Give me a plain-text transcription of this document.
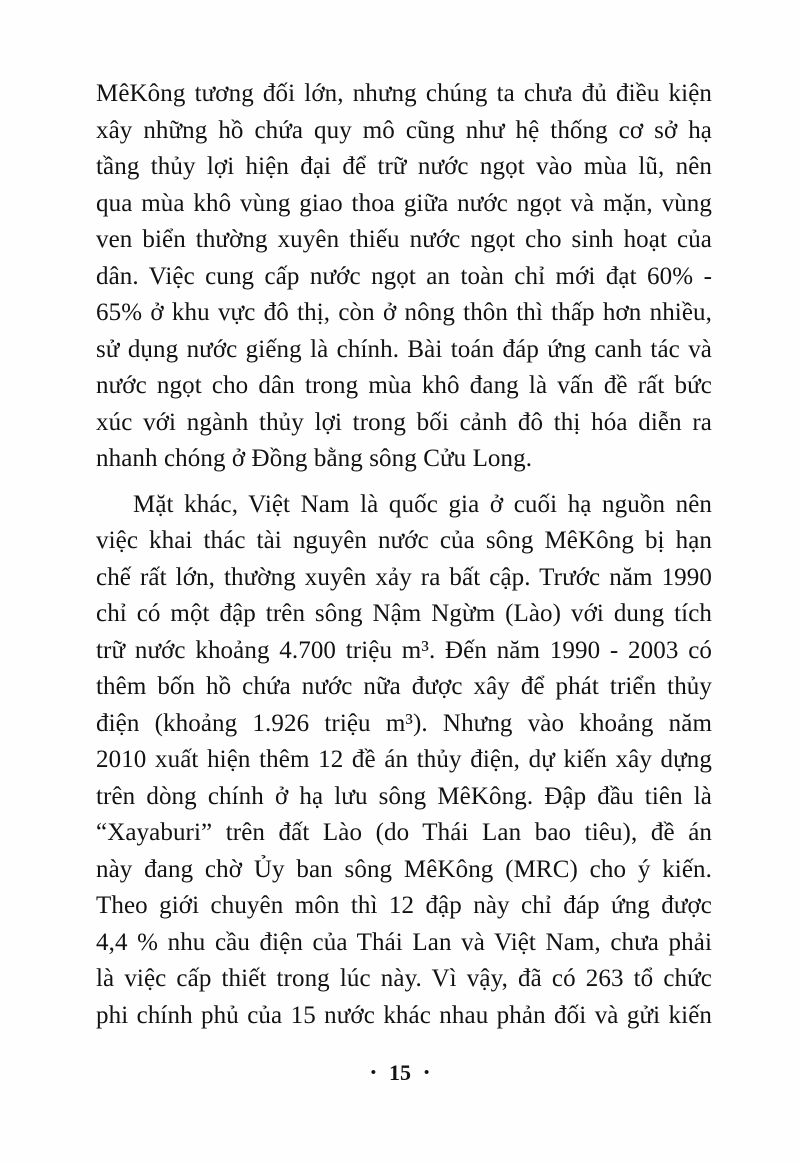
MêKông tương đối lớn, nhưng chúng ta chưa đủ điều kiện
xây những hồ chứa quy mô cũng như hệ thống cơ sở hạ
tầng thủy lợi hiện đại để trữ nước ngọt vào mùa lũ, nên
qua mùa khô vùng giao thoa giữa nước ngọt và mặn, vùng
ven biển thường xuyên thiếu nước ngọt cho sinh hoạt của
dân. Việc cung cấp nước ngọt an toàn chỉ mới đạt 60% -
65% ở khu vực đô thị, còn ở nông thôn thì thấp hơn nhiều,
sử dụng nước giếng là chính. Bài toán đáp ứng canh tác và
nước ngọt cho dân trong mùa khô đang là vấn đề rất bức
xúc với ngành thủy lợi trong bối cảnh đô thị hóa diễn ra
nhanh chóng ở Đồng bằng sông Cửu Long.
Mặt khác, Việt Nam là quốc gia ở cuối hạ nguồn nên
việc khai thác tài nguyên nước của sông MêKông bị hạn
chế rất lớn, thường xuyên xảy ra bất cập. Trước năm 1990
chỉ có một đập trên sông Nậm Ngừm (Lào) với dung tích
trữ nước khoảng 4.700 triệu m³. Đến năm 1990 - 2003 có
thêm bốn hồ chứa nước nữa được xây để phát triển thủy
điện (khoảng 1.926 triệu m³). Nhưng vào khoảng năm
2010 xuất hiện thêm 12 đề án thủy điện, dự kiến xây dựng
trên dòng chính ở hạ lưu sông MêKông. Đập đầu tiên là
“Xayaburi” trên đất Lào (do Thái Lan bao tiêu), đề án
này đang chờ Ủy ban sông MêKông (MRC) cho ý kiến.
Theo giới chuyên môn thì 12 đập này chỉ đáp ứng được
4,4 % nhu cầu điện của Thái Lan và Việt Nam, chưa phải
là việc cấp thiết trong lúc này. Vì vậy, đã có 263 tổ chức
phi chính phủ của 15 nước khác nhau phản đối và gửi kiến
• 15 •
